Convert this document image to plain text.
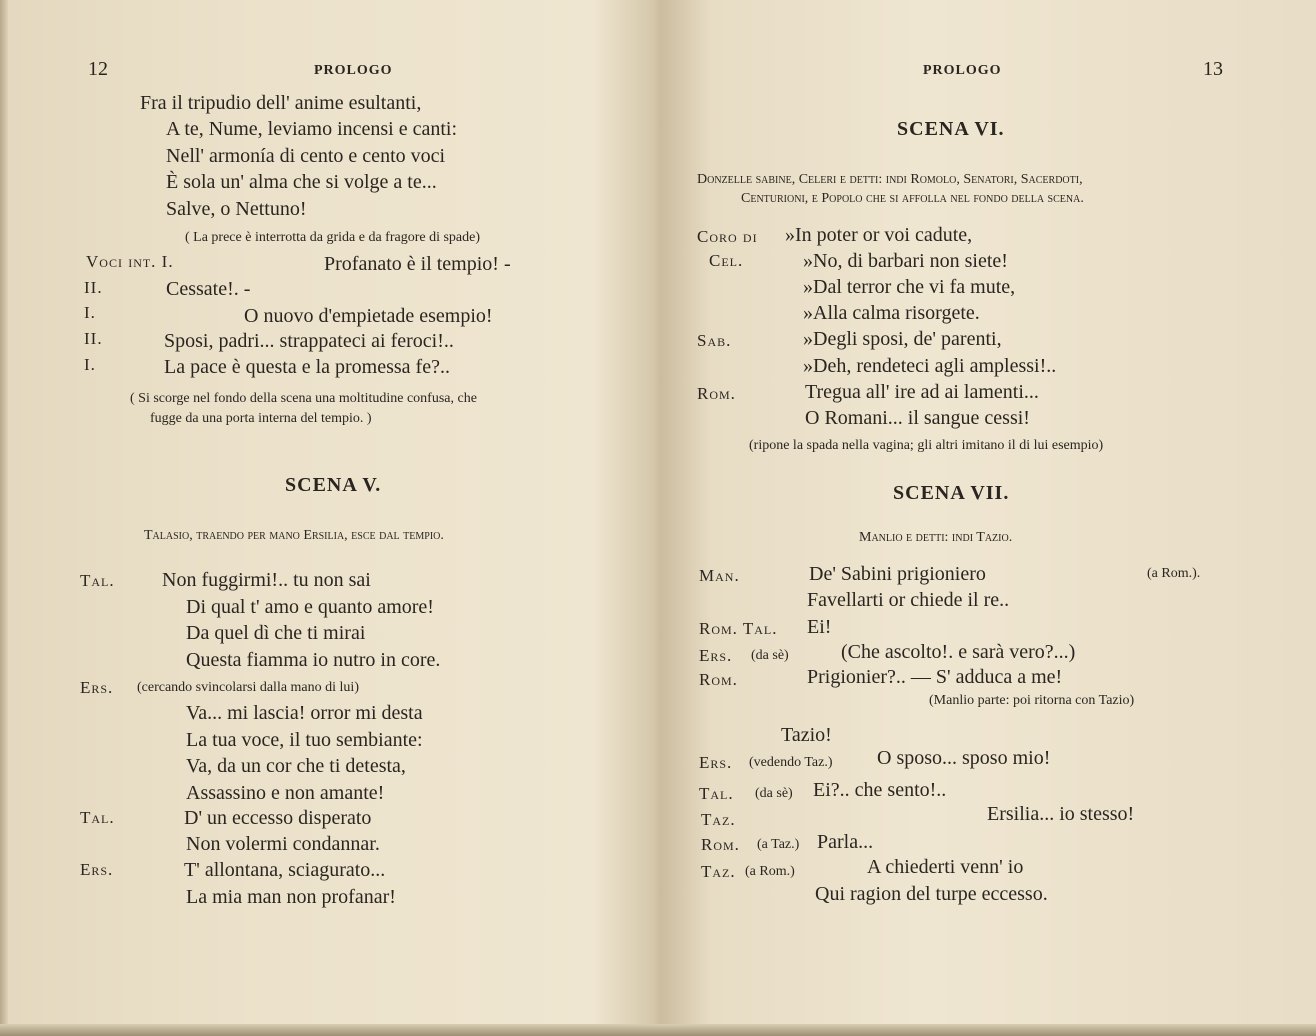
12	PROLOGO
Fra il tripudio dell' anime esultanti,
A te, Nume, leviamo incensi e canti:
Nell' armonía di cento e cento voci
È sola un' alma che si volge a te...
Salve, o Nettuno!
( La prece è interrotta da grida e da fragore di spade)
Voci int. I.	Profanato è il tempio! -
II.	Cessate!. -
I.	O nuovo d'empietade esempio!
II.	Sposi, padri... strappateci ai feroci!..
I.	La pace è questa e la promessa fe?..
( Si scorge nel fondo della scena una moltitudine confusa, che
fugge da una porta interna del tempio. )
SCENA V.
Talasio, traendo per mano Ersilia, esce dal tempio.
Tal. Non fuggirmi!.. tu non sai
Di qual t' amo e quanto amore!
Da quel dì che ti mirai
Questa fiamma io nutro in core.
Ers. (cercando svincolarsi dalla mano di lui)
Va... mi lascia! orror mi desta
La tua voce, il tuo sembiante:
Va, da un cor che ti detesta,
Assassino e non amante!
Tal.	D' un eccesso disperato
Non volermi condannar.
Ers.	T' allontana, sciagurato...
La mia man non profanar!
PROLOGO	13
SCENA VI.
Donzelle sabine, Celeri e detti: indi Romolo, Senatori, Sacerdoti,
Centurioni, e Popolo che si affolla nel fondo della scena.
Coro di »In poter or voi cadute,
Cel.	»No, di barbari non siete!
»Dal terror che vi fa mute,
»Alla calma risorgete.
Sab.	»Degli sposi, de' parenti,
»Deh, rendeteci agli amplessi!..
Rom.	Tregua all' ire ad ai lamenti...
O Romani... il sangue cessi!
(ripone la spada nella vagina; gli altri imitano il di lui esempio)
SCENA VII.
Manlio e detti: indi Tazio.
Man.	De' Sabini prigioniero	(a Rom.).
Favellarti or chiede il re..
Rom. Tal. Ei!
Ers. (da sè)	(Che ascolto!. e sarà vero?...)
Rom.	Prigionier?.. — S' adduca a me!
(Manlio parte: poi ritorna con Tazio)
Tazio!
Ers. (vedendo Taz.) O sposo... sposo mio!
Tal. (da sè) Ei?.. che sento!..
Taz.	Ersilia... io stesso!
Rom. (a Taz.) Parla...
Taz. (a Rom.)	A chiederti venn' io
Qui ragion del turpe eccesso.
